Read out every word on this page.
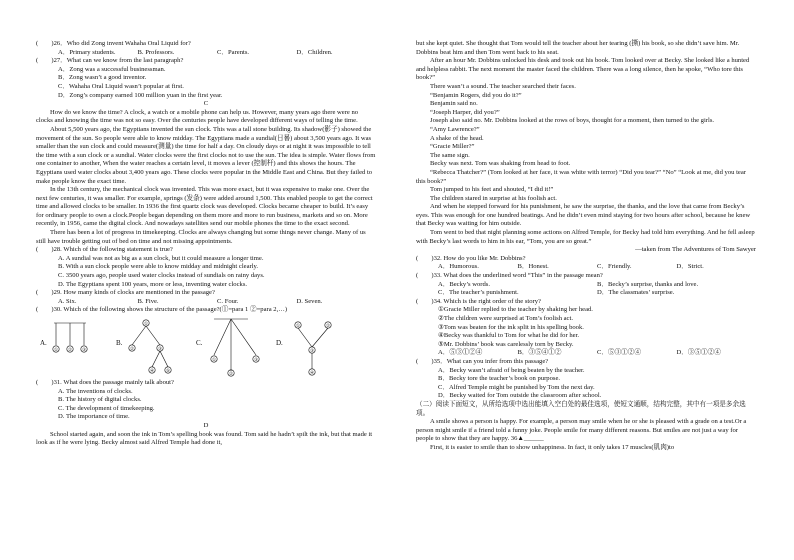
(　　)26．Who did Zong invent Wahaha Oral Liquid for?

A．Primary students.	B. Professors.	C．Parents.	D．Children.

(　　)27．What can we know from the last paragraph?

A．Zong was a successful businessman.

B．Zong wasn’t a good inventor.

C．Wahaha Oral Liquid wasn’t popular at first.

D．Zong’s company earned 100 million yuan in the first year.

C

How do we know the time? A clock, a watch or a mobile phone can help us. However, many years ago there were no clocks and knowing the time was not so easy. Over the centuries people have developed different ways of telling the time.

About 5,500 years ago, the Egyptians invented the sun clock. This was a tall stone building. Its shadow(影子) showed the movement of the sun. So people were able to know midday. The Egyptians made a sundial(日晷) about 3,500 years ago. It was smaller than the sun clock and could measure(测量) the time for half a day. On cloudy days or at night it was impossible to tell the time with a sun clock or a sundial. Water clocks were the first clocks not to use the sun. The idea is simple. Water flows from one container to another, When the water reaches a certain level, it moves a lever (控制杆) and this shows the hours. The Egyptians used water clocks about 3,400 years ago. These clocks were popular in the Middle East and China. But they failed to make people know the exact time.

In the 13th century, the mechanical clock was invented. This was more exact, but it was expensive to make one. Over the next few centuries, it was smaller. For example, springs (发条) were added around 1,500. This enabled people to get the correct time and allowed clocks to be smaller. In 1936 the first quartz clock was developed. Clocks became cheaper to build. It’s easy for ordinary people to own a clock.People began depending on them more and more to run business, markets and so on. More recently, in 1956, came the digital clock. And nowadays satellites send our mobile phones the time to the exact second.

There has been a lot of progress in timekeeping. Clocks are always changing but some things never change. Many of us still have trouble getting out of bed on time and not missing appointments.

(　　)28. Which of the following statement is true?

A. A sundial was not as big as a sun clock, but it could measure a longer time.

B. With a sun clock people were able to know midday and midnight clearly.

C. 3500 years ago, people used water clocks instead of sundials on rainy days.

D. The Egyptians spent 100 years, more or less, inventing water clocks.

(　　)29. How many kinds of clocks are mentioned in the passage?

A. Six.	B. Five.	C. Four.	D. Seven.

(　　)30. Which of the following shows the structure of the passage?(①=para 1 ②=para 2,…)

A.	B.	C.	D.
① ② ③
①
②	③
④	⑤
①
②
③
①	②
③
④

(　　)31. What does the passage mainly talk about?

A. The inventions of clocks.

B. The history of digital clocks.

C. The development of timekeeping.

D. The importance of time.

D

School started again, and soon the ink in Tom’s spelling book was found. Tom said he hadn’t spilt the ink, but that made it look as if he were lying. Becky almost said Alfred Temple had done it,

but she kept quiet. She thought that Tom would tell the teacher about her tearing (撕) his book, so she didn’t save him. Mr. Dobbins beat him and then Tom went back to his seat.

After an hour Mr. Dobbins unlocked his desk and took out his book. Tom looked over at Becky. She looked like a hunted and helpless rabbit. The next moment the master faced the children. There was a long silence, then he spoke, “Who tore this book?”

There wasn’t a sound. The teacher searched their faces.

“Benjamin Rogers, did you do it?”

Benjamin said no.

“Joseph Harper, did you?”

Joseph also said no. Mr. Dobbins looked at the rows of boys, thought for a moment, then turned to the girls.

“Amy Lawrence?”

A shake of the head.

“Gracie Miller?”

The same sign.

Becky was next. Tom was shaking from head to foot.

“Rebecca Thatcher?” (Tom looked at her face, it was white with terror) “Did you tear?” “No” “Look at me, did you tear this book?”

Tom jumped to his feet and shouted, “I did it!”

The children stared in surprise at his foolish act.

And when he stepped forward for his punishment, he saw the surprise, the thanks, and the love that came from Becky’s eyes. This was enough for one hundred beatings. And he didn’t even mind staying for two hours after school, because he knew that Becky was waiting for him outside.

Tom went to bed that night planning some actions on Alfred Temple, for Becky had told him everything. And he fell asleep with Becky’s last words to him in his ear, “Tom, you are so great.”

—taken from The Adventures of Tom Sawyer

(　　)32. How do you like Mr. Dobbins?

A．Humorous.	B．Honest.	C．Friendly.	D．Strict.

(　　)33. What does the underlined word “This” in the passage mean?

A．Becky’s words.	B．Becky’s surprise, thanks and love.
C．The teacher’s punishment.	D．The classmates’ surprise.

(　　)34. Which is the right order of the story?

①Gracie Miller replied to the teacher by shaking her head.

②The children were surprised at Tom’s foolish act.

③Tom was beaten for the ink split in his spelling book.

④Becky was thankful to Tom for what he did for her.

⑤Mr. Dobbins’ book was carelessly torn by Becky.

A．⑤③①②④	B．③⑤④①②	C．⑤③①②④	D．③⑤①②④

(　　)35．What can you infer from this passage?

A．Becky wasn’t afraid of being beaten by the teacher.

B．Becky tore the teacher’s book on purpose.

C．Alfred Temple might be punished by Tom the next day.

D．Becky waited for Tom outside the classroom after school.

（二）阅读下面短文，从所给选项中选出能填入空白处的最佳选项，使短文通顺，结构完整，其中有一项是多余选项。

A smile shows a person is happy. For example, a person may smile when he or she is pleased with a grade on a test.Or a person might smile if a friend told a funny joke. People smile for many different reasons. But smiles are not just a way for people to show that they are happy. 36▲______

First, it is easier to smile than to show unhappiness. In fact, it only takes 17 muscles(肌肉)to
